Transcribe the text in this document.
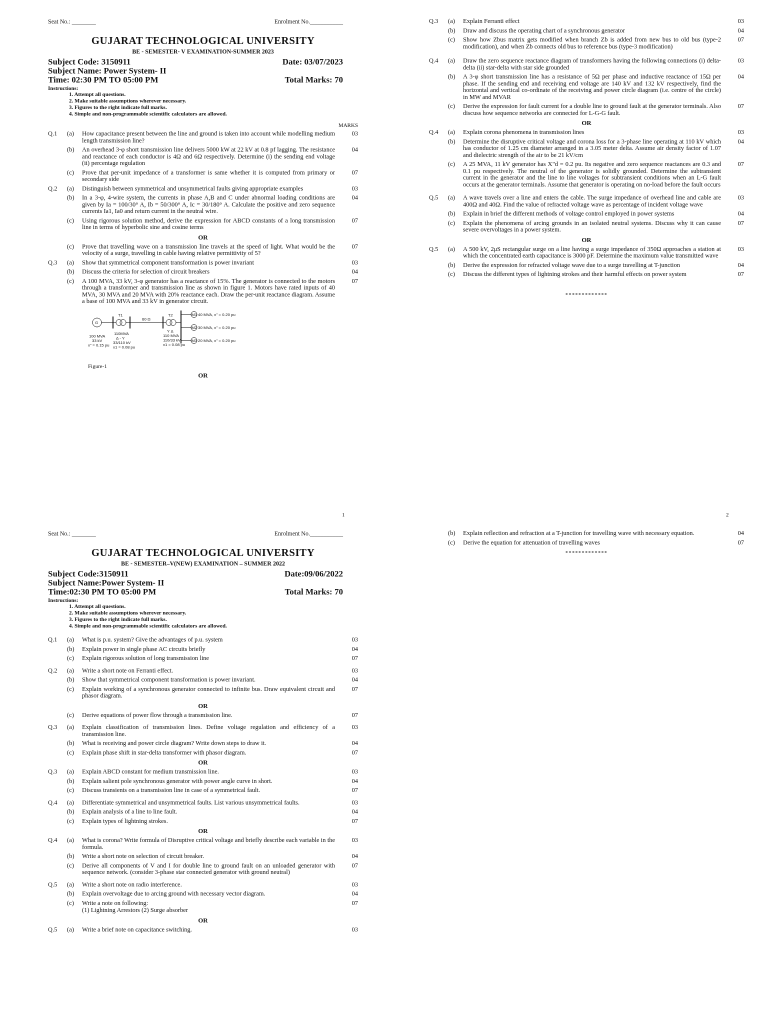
Seat No.: ________	Enrolment No.___________
GUJARAT TECHNOLOGICAL UNIVERSITY
BE - SEMESTER- V EXAMINATION-SUMMER 2023
Subject Code: 3150911	Date: 03/07/2023
Subject Name: Power System- II
Time: 02:30 PM TO 05:00 PM	Total Marks: 70
Instructions:
1. Attempt all questions.
2. Make suitable assumptions wherever necessary.
3. Figures to the right indicate full marks.
4. Simple and non-programmable scientific calculators are allowed.
MARKS
Q.1 (a) How capacitance present between the line and ground is taken into account while modelling medium length transmission line?
03
(b) An overhead 3-φ short transmission line delivers 5000 kW at 22 kV at 0.8 pf lagging. The resistance and reactance of each conductor is 4Ω and 6Ω respectively. Determine (i) the sending end voltage (ii) percentage regulation
04
(c) Prove that per-unit impedance of a transformer is same whether it is computed from primary or secondary side
07
Q.2 (a) Distinguish between symmetrical and unsymmetrical faults giving appropriate examples	03
(b) In a 3-φ, 4-wire system, the currents in phase A,B and C under abnormal loading conditions are given by Ia = 100/30° A, Ib = 50/300° A, Ic = 30/180° A. Calculate the positive and zero sequence currents Ia1, Ia0 and return current in the neutral wire.
04
(c) Using rigorous solution method, derive the expression for ABCD constants of a long transmission line in terms of hyperbolic sine and cosine terms
07
OR
(c) Prove that travelling wave on a transmission line travels at the speed of light. What would be the velocity of a surge, travelling in cable having relative permittivity of 5?
07
Q.3 (a) Show that symmetrical component transformation is power invariant	03
(b) Discuss the criteria for selection of circuit breakers	04
(c) A 100 MVA, 33 kV, 3-φ generator has a reactance of 15%. The generator is connected to the motors through a transformer and transmission line as shown in figure 1. Motors have rated inputs of 40 MVA, 30 MVA and 20 MVA with 20% reactance each. Draw the per-unit reactance diagram. Assume a base of 100 MVA and 33 kV in generator circuit.
07
G
T1
60 Ω
T2 M1 40 MVA, x" = 0.20 pu
M2 30 MVA, x" = 0.20 pu
M3 20 MVA, x" = 0.20 pu
100 MVA
33 kV
x" = 0.15 pu
110MVA
Δ - Y
33/110 kV
x1 = 0.08 pu
Y Δ
110 MVA
110/33 kV
x1 = 0.08 pu
Figure-1
OR
1
Q.3 (a) Explain Ferranti effect	03
(b) Draw and discuss the operating chart of a synchronous generator	04
(c) Show how Zbus matrix gets modified when branch Zb is added from new bus to old bus (type-2 modification), and when Zb connects old bus to reference bus (type-3 modification)
07
Q.4 (a) Draw the zero sequence reactance diagram of transformers having the following connections (i) delta-delta (ii) star-delta with star side grounded
03
(b) A 3-φ short transmission line has a resistance of 5Ω per phase and inductive reactance of 15Ω per phase. If the sending end and receiving end voltage are 140 kV and 132 kV respectively, find the horizontal and vertical co-ordinate of the receiving and power circle diagram (i.e. centre of the circle) in MW and MVAR
04
(c) Derive the expression for fault current for a double line to ground fault at the generator terminals. Also discuss how sequence networks are connected for L-G-G fault.
07
OR
Q.4 (a) Explain corona phenomena in transmission lines	03
(b) Determine the disruptive critical voltage and corona loss for a 3-phase line operating at 110 kV which has conductor of 1.25 cm diameter arranged in a 3.05 meter delta. Assume air density factor of 1.07 and dielectric strength of the air to be 21 kV/cm
04
(c) A 25 MVA, 11 kV generator has X"d = 0.2 pu. Its negative and zero sequence reactances are 0.3 and 0.1 pu respectively. The neutral of the generator is solidly grounded. Determine the subtransient current in the generator and the line to line voltages for subtransient conditions when an L-G fault occurs at the generator terminals. Assume that generator is operating on no-load before the fault occurs
07
Q.5 (a) A wave travels over a line and enters the cable. The surge impedance of overhead line and cable are 400Ω and 40Ω. Find the value of refracted voltage wave as percentage of incident voltage wave
03
(b) Explain in brief the different methods of voltage control employed in power systems	04
(c) Explain the phenomena of arcing grounds in an isolated neutral systems. Discuss why it can cause severe overvoltages in a power system.
07
OR
Q.5 (a) A 500 kV, 2μS rectangular surge on a line having a surge impedance of 350Ω approaches a station at which the concentrated earth capacitance is 3000 pF. Determine the maximum value transmitted wave
03
(b) Derive the expression for refracted voltage wave due to a surge travelling at T-junction	04
(c) Discuss the different types of lightning strokes and their harmful effects on power system	07
*************
2
Seat No.: ________	Enrolment No.___________
GUJARAT TECHNOLOGICAL UNIVERSITY
BE - SEMESTER–V(NEW) EXAMINATION – SUMMER 2022
Subject Code:3150911	Date:09/06/2022
Subject Name:Power System- II
Time:02:30 PM TO 05:00 PM	Total Marks: 70
Instructions:
1. Attempt all questions.
2. Make suitable assumptions wherever necessary.
3. Figures to the right indicate full marks.
4. Simple and non-programmable scientific calculators are allowed.
Q.1 (a) What is p.u. system? Give the advantages of p.u. system	03
(b) Explain power in single phase AC circuits briefly	04
(c) Explain rigorous solution of long transmission line	07
Q.2 (a) Write a short note on Ferranti effect.	03
(b) Show that symmetrical component transformation is power invariant.	04
(c) Explain working of a synchronous generator connected to infinite bus. Draw equivalent circuit and phasor diagram.
07
OR
(c) Derive equations of power flow through a transmission line.	07
Q.3 (a) Explain classification of transmission lines. Define voltage regulation and efficiency of a transmission line.
03
(b) What is receiving and power circle diagram? Write down steps to draw it.	04
(c) Explain phase shift in star-delta transformer with phasor diagram.	07
OR
Q.3 (a) Explain ABCD constant for medium transmission line.	03
(b) Explain salient pole synchronous generator with power angle curve in short.	04
(c) Discuss transients on a transmission line in case of a symmetrical fault.	07
Q.4 (a) Differentiate symmetrical and unsymmetrical faults. List various unsymmetrical faults.	03
(b) Explain analysis of a line to line fault.	04
(c) Explain types of lightning strokes.	07
OR
Q.4 (a) What is corona? Write formula of Disruptive critical voltage and briefly describe each variable in the formula.
03
(b) Write a short note on selection of circuit breaker.	04
(c) Derive all components of V and I for double line to ground fault on an unloaded generator with sequence network. (consider 3-phase star connected generator with ground neutral)
07
Q.5 (a) Write a short note on radio interference.	03
(b) Explain overvoltage due to arcing ground with necessary vector diagram.	04
(c) Write a note on following:	07
(1) Lightning Arrestors (2) Surge absorber
OR
Q.5 (a) Write a brief note on capacitance switching.	03
(b) Explain reflection and refraction at a T-junction for travelling wave with necessary equation.	04
(c) Derive the equation for attenuation of travelling waves	07
*************
